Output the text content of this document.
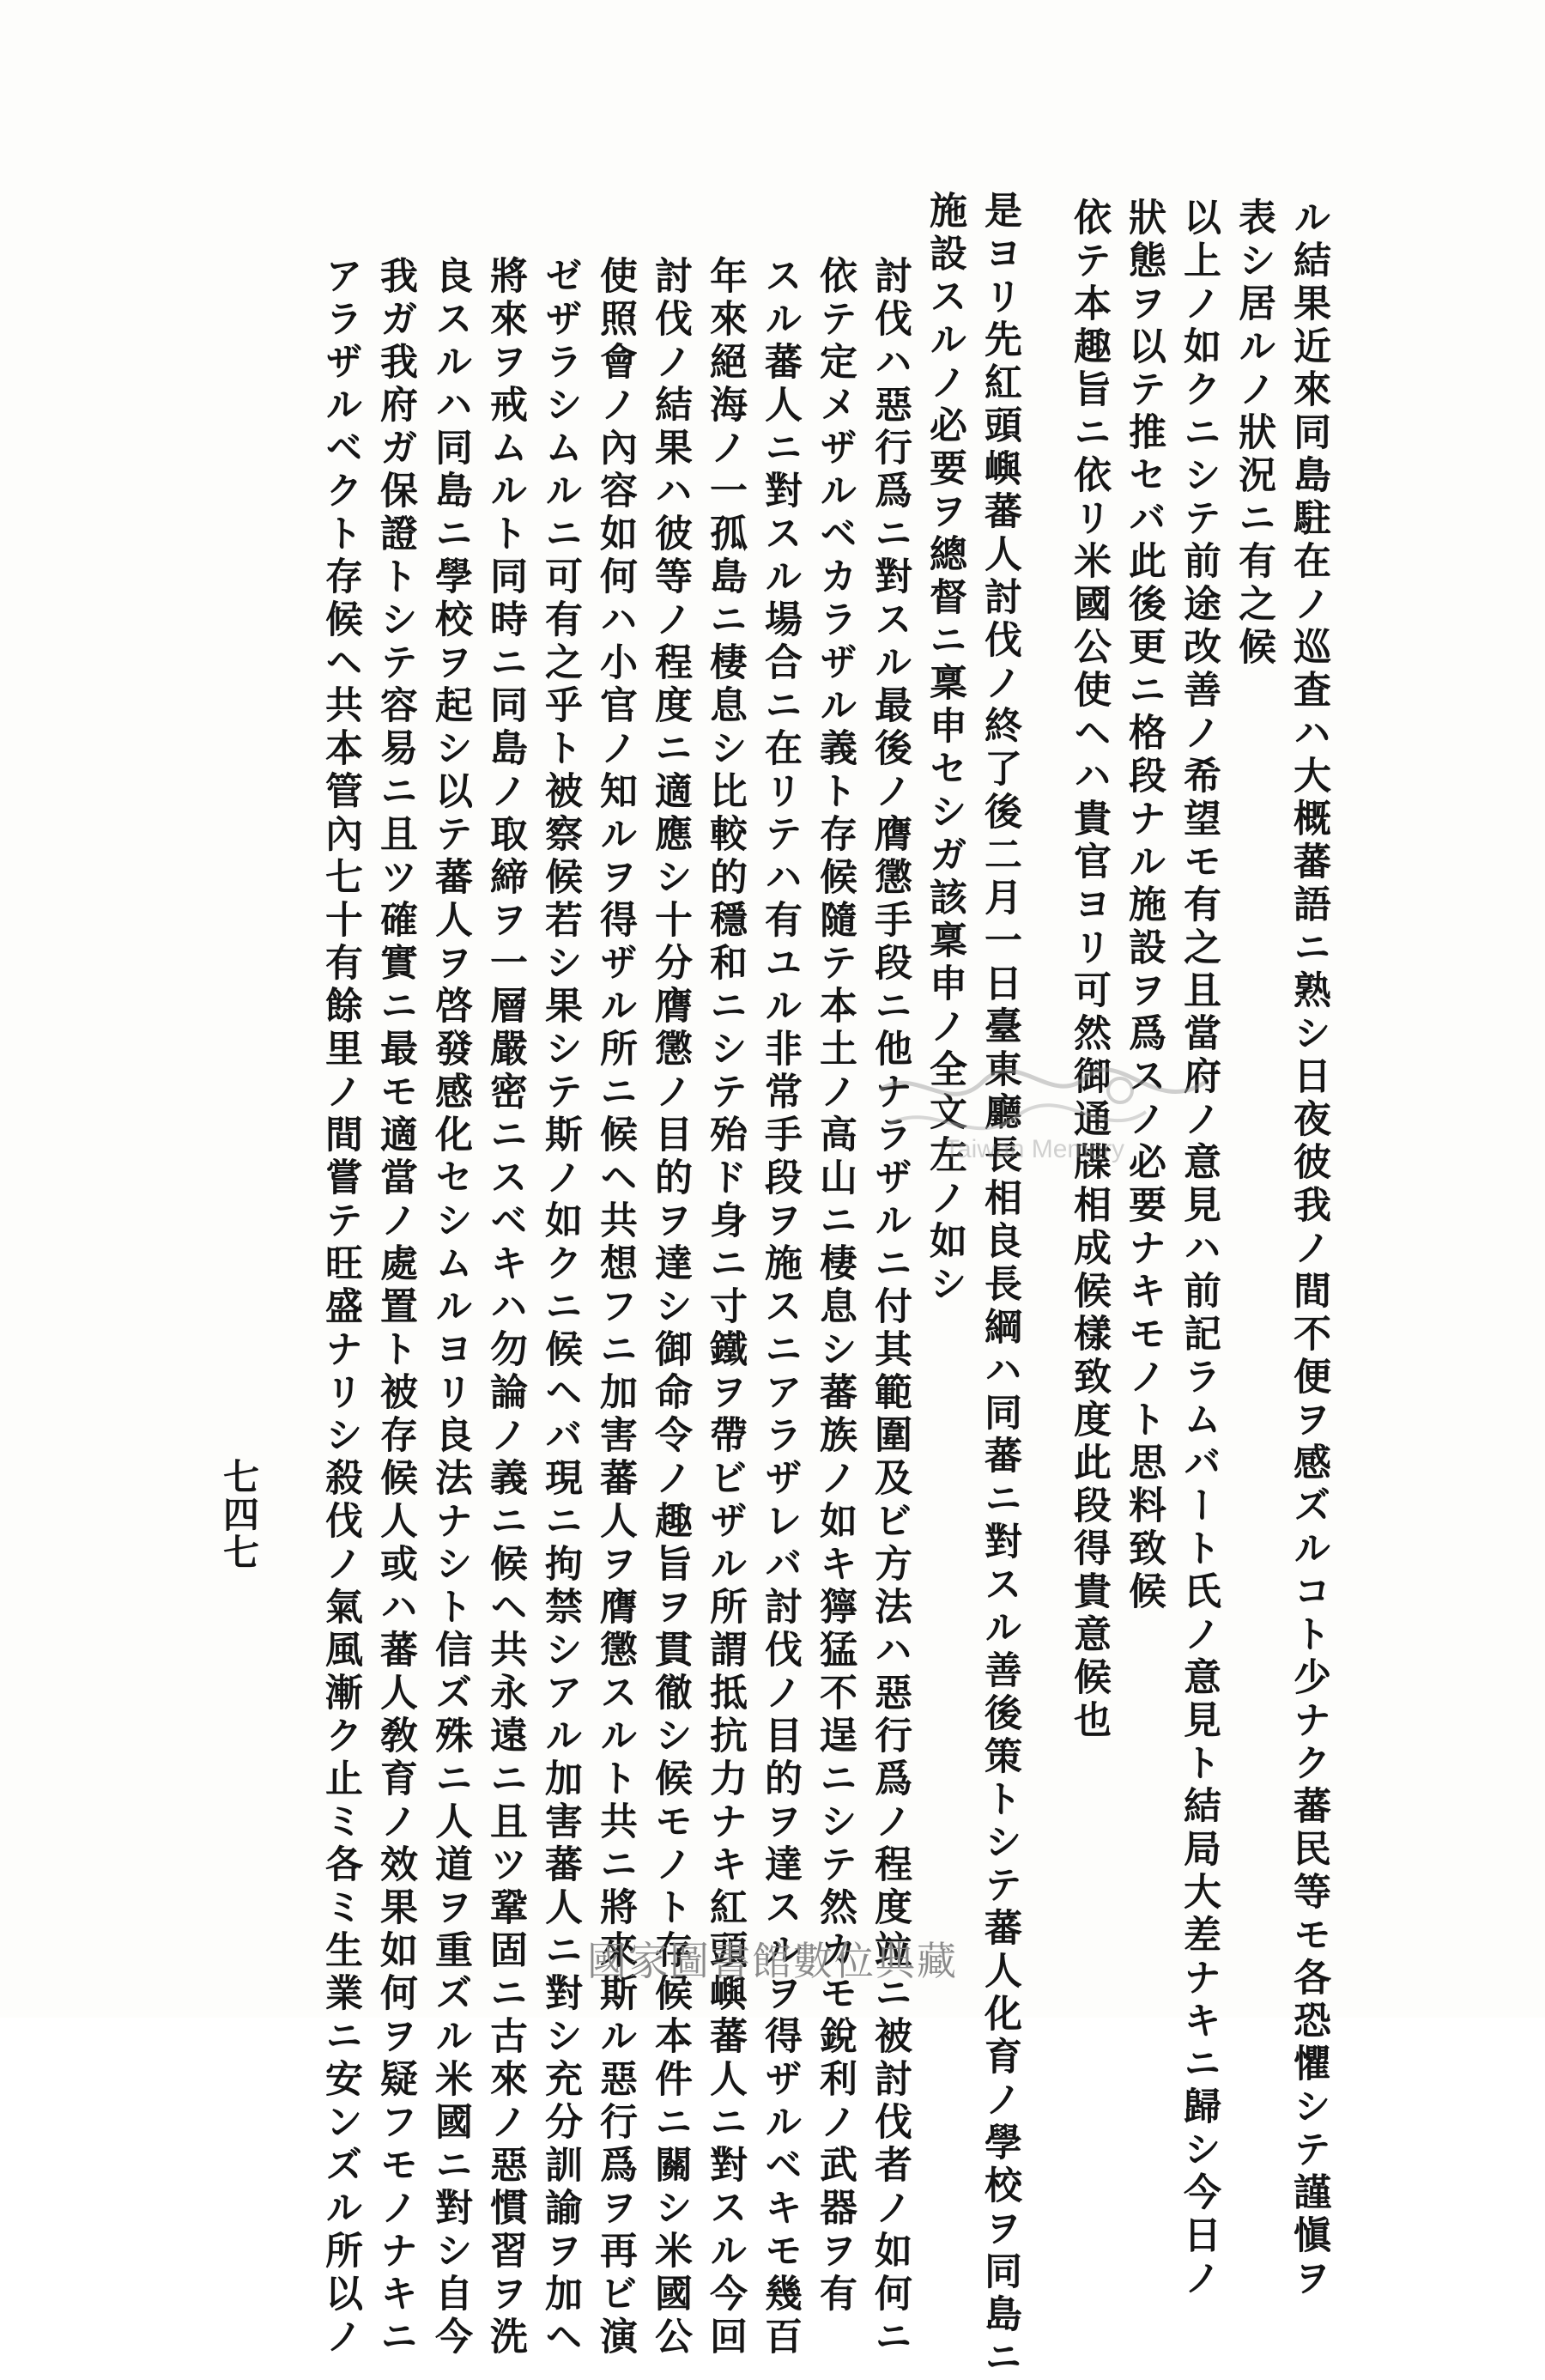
ル結果近來同島駐在ノ巡査ハ大概蕃語ニ熟シ日夜彼我ノ間不便ヲ感ズルコト少ナク蕃民等モ各恐懼シテ謹愼ヲ
表シ居ルノ狀況ニ有之候
以上ノ如クニシテ前途改善ノ希望モ有之且當府ノ意見ハ前記ラムバート氏ノ意見ト結局大差ナキニ歸シ今日ノ
狀態ヲ以テ推セバ此後更ニ格段ナル施設ヲ爲スノ必要ナキモノト思料致候
依テ本趣旨ニ依リ米國公使ヘハ貴官ヨリ可然御通牒相成候樣致度此段得貴意候也
是ヨリ先紅頭嶼蕃人討伐ノ終了後二月一日臺東廳長相良長綱ハ同蕃ニ對スル善後策トシテ蕃人化育ノ學校ヲ同島ニ
施設スルノ必要ヲ總督ニ稟申セシガ該稟申ノ全文左ノ如シ
討伐ハ惡行爲ニ對スル最後ノ膺懲手段ニ他ナラザルニ付其範圍及ビ方法ハ惡行爲ノ程度竝ニ被討伐者ノ如何ニ
依テ定メザルベカラザル義ト存候隨テ本土ノ高山ニ棲息シ蕃族ノ如キ獰猛不逞ニシテ然カモ銳利ノ武器ヲ有
スル蕃人ニ對スル場合ニ在リテハ有ユル非常手段ヲ施スニアラザレバ討伐ノ目的ヲ達スルヲ得ザルベキモ幾百
年來絕海ノ一孤島ニ棲息シ比較的穩和ニシテ殆ド身ニ寸鐵ヲ帶ビザル所謂抵抗力ナキ紅頭嶼蕃人ニ對スル今回
討伐ノ結果ハ彼等ノ程度ニ適應シ十分膺懲ノ目的ヲ達シ御命令ノ趣旨ヲ貫徹シ候モノト存候本件ニ關シ米國公
使照會ノ內容如何ハ小官ノ知ルヲ得ザル所ニ候ヘ共想フニ加害蕃人ヲ膺懲スルト共ニ將來斯ル惡行爲ヲ再ビ演
ゼザラシムルニ可有之乎ト被察候若シ果シテ斯ノ如クニ候ヘバ現ニ拘禁シアル加害蕃人ニ對シ充分訓諭ヲ加ヘ
將來ヲ戒ムルト同時ニ同島ノ取締ヲ一層嚴密ニスベキハ勿論ノ義ニ候ヘ共永遠ニ且ツ鞏固ニ古來ノ惡慣習ヲ洗
良スルハ同島ニ學校ヲ起シ以テ蕃人ヲ啓發感化セシムルヨリ良法ナシト信ズ殊ニ人道ヲ重ズル米國ニ對シ自今
我ガ我府ガ保證トシテ容易ニ且ツ確實ニ最モ適當ノ處置ト被存候人或ハ蕃人敎育ノ效果如何ヲ疑フモノナキニ
アラザルベクト存候ヘ共本管內七十有餘里ノ間嘗テ旺盛ナリシ殺伐ノ氣風漸ク止ミ各ミ生業ニ安ンズル所以ノ
七四七
Taiwan Memory
國家圖書館數位典藏
